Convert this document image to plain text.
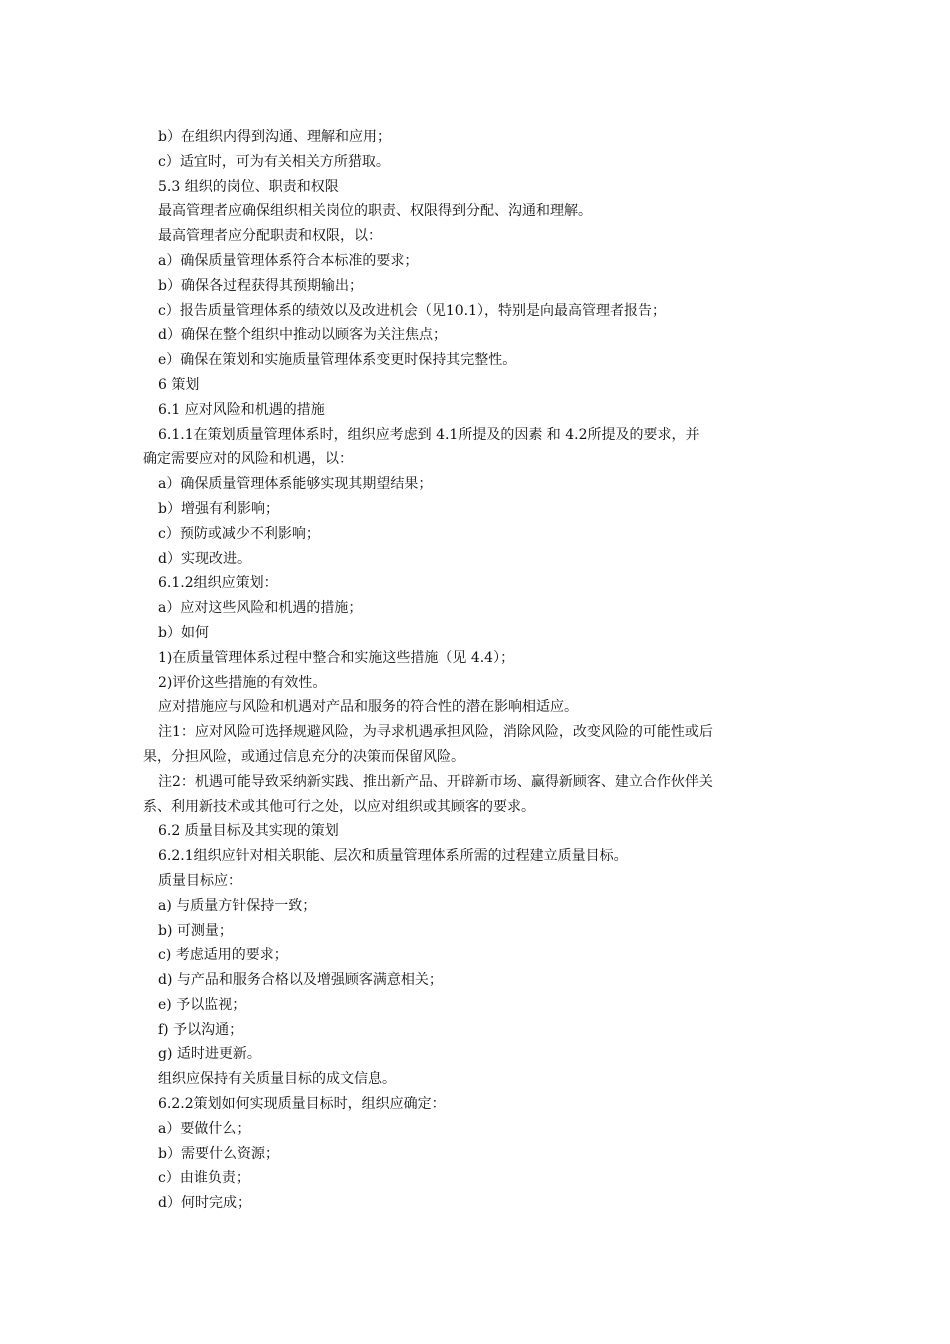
b）在组织内得到沟通、理解和应用；
c）适宜时，可为有关相关方所猎取。
5.3 组织的岗位、职责和权限
最高管理者应确保组织相关岗位的职责、权限得到分配、沟通和理解。
最高管理者应分配职责和权限，以：
a）确保质量管理体系符合本标准的要求；
b）确保各过程获得其预期输出；
c）报告质量管理体系的绩效以及改进机会（见10.1），特别是向最高管理者报告；
d）确保在整个组织中推动以顾客为关注焦点；
e）确保在策划和实施质量管理体系变更时保持其完整性。
6 策划
6.1 应对风险和机遇的措施
6.1.1在策划质量管理体系时，组织应考虑到 4.1所提及的因素 和 4.2所提及的要求，并
确定需要应对的风险和机遇，以：
a）确保质量管理体系能够实现其期望结果；
b）增强有利影响；
c）预防或减少不利影响；
d）实现改进。
6.1.2组织应策划：
a）应对这些风险和机遇的措施；
b）如何
1)在质量管理体系过程中整合和实施这些措施（见 4.4）；
2)评价这些措施的有效性。
应对措施应与风险和机遇对产品和服务的符合性的潜在影响相适应。
注1：应对风险可选择规避风险，为寻求机遇承担风险，消除风险，改变风险的可能性或后
果，分担风险，或通过信息充分的决策而保留风险。
注2：机遇可能导致采纳新实践、推出新产品、开辟新市场、赢得新顾客、建立合作伙伴关
系、利用新技术或其他可行之处，以应对组织或其顾客的要求。
6.2 质量目标及其实现的策划
6.2.1组织应针对相关职能、层次和质量管理体系所需的过程建立质量目标。
质量目标应：
a) 与质量方针保持一致；
b) 可测量；
c) 考虑适用的要求；
d) 与产品和服务合格以及增强顾客满意相关；
e) 予以监视；
f) 予以沟通；
g) 适时进更新。
组织应保持有关质量目标的成文信息。
6.2.2策划如何实现质量目标时，组织应确定：
a）要做什么；
b）需要什么资源；
c）由谁负责；
d）何时完成；
